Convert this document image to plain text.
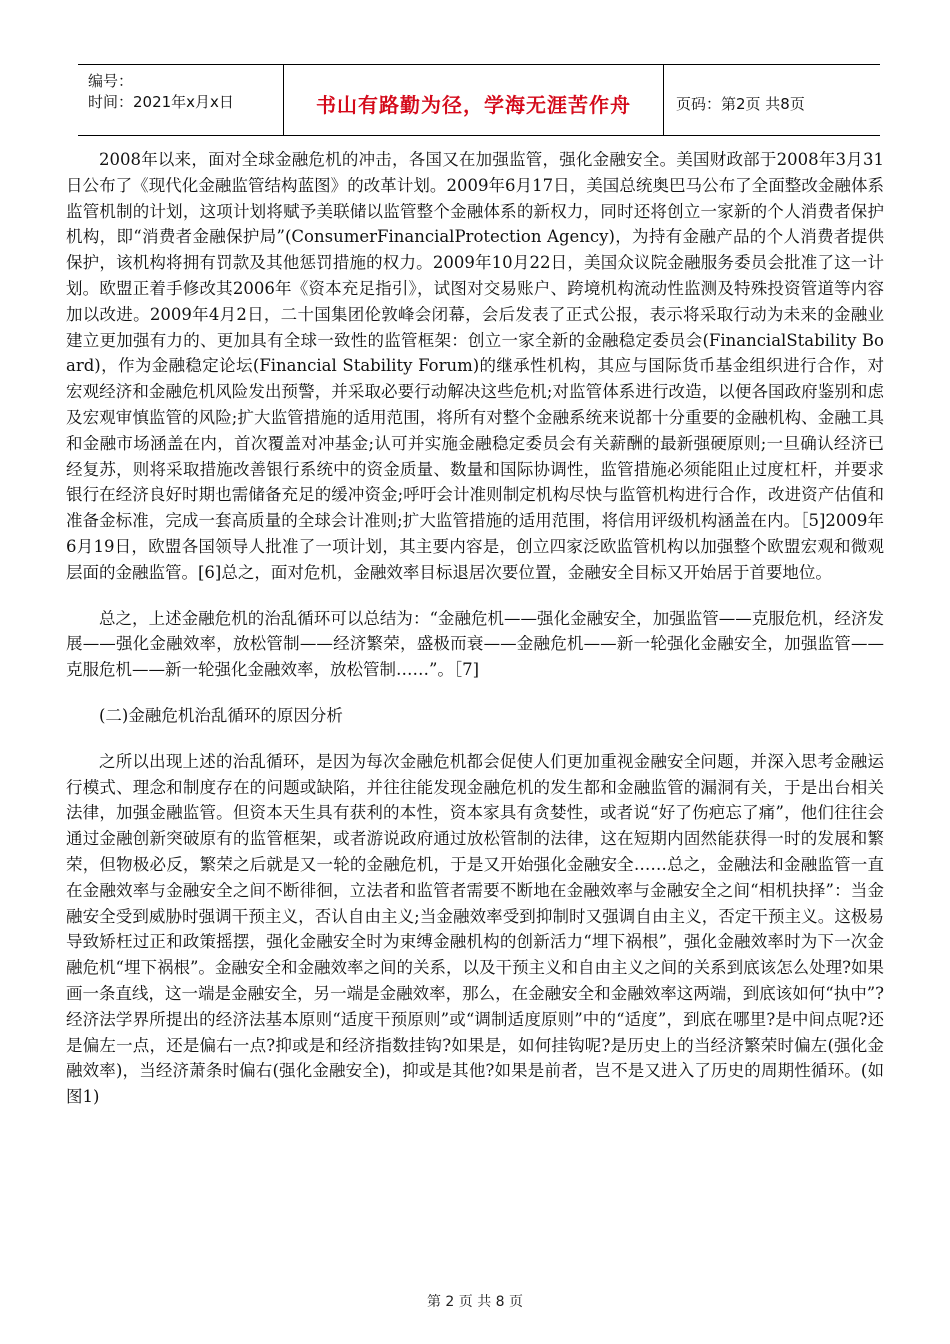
编号：
时间：2021年x月x日	书山有路勤为径，学海无涯苦作舟	页码：第2页 共8页

2008年以来，面对全球金融危机的冲击，各国又在加强监管，强化金融安全。美国财政部于2008年3月31日公布了《现代化金融监管结构蓝图》的改革计划。2009年6月17日，美国总统奥巴马公布了全面整改金融体系监管机制的计划，这项计划将赋予美联储以监管整个金融体系的新权力，同时还将创立一家新的个人消费者保护机构，即“消费者金融保护局”(ConsumerFinancialProtection Agency)，为持有金融产品的个人消费者提供保护，该机构将拥有罚款及其他惩罚措施的权力。2009年10月22日，美国众议院金融服务委员会批准了这一计划。欧盟正着手修改其2006年《资本充足指引》，试图对交易账户、跨境机构流动性监测及特殊投资管道等内容加以改进。2009年4月2日，二十国集团伦敦峰会闭幕，会后发表了正式公报，表示将采取行动为未来的金融业建立更加强有力的、更加具有全球一致性的监管框架：创立一家全新的金融稳定委员会(FinancialStability Board)，作为金融稳定论坛(Financial Stability Forum)的继承性机构，其应与国际货币基金组织进行合作，对宏观经济和金融危机风险发出预警，并采取必要行动解决这些危机;对监管体系进行改造，以便各国政府鉴别和虑及宏观审慎监管的风险;扩大监管措施的适用范围，将所有对整个金融系统来说都十分重要的金融机构、金融工具和金融市场涵盖在内，首次覆盖对冲基金;认可并实施金融稳定委员会有关薪酬的最新强硬原则;一旦确认经济已经复苏，则将采取措施改善银行系统中的资金质量、数量和国际协调性，监管措施必须能阻止过度杠杆，并要求银行在经济良好时期也需储备充足的缓冲资金;呼吁会计准则制定机构尽快与监管机构进行合作，改进资产估值和准备金标准，完成一套高质量的全球会计准则;扩大监管措施的适用范围，将信用评级机构涵盖在内。［5]2009年6月19日，欧盟各国领导人批准了一项计划，其主要内容是，创立四家泛欧监管机构以加强整个欧盟宏观和微观层面的金融监管。[6]总之，面对危机，金融效率目标退居次要位置，金融安全目标又开始居于首要地位。

总之，上述金融危机的治乱循环可以总结为：“金融危机——强化金融安全，加强监管——克服危机，经济发展——强化金融效率，放松管制——经济繁荣，盛极而衰——金融危机——新一轮强化金融安全，加强监管——克服危机——新一轮强化金融效率，放松管制……”。［7]

(二)金融危机治乱循环的原因分析

之所以出现上述的治乱循环，是因为每次金融危机都会促使人们更加重视金融安全问题，并深入思考金融运行模式、理念和制度存在的问题或缺陷，并往往能发现金融危机的发生都和金融监管的漏洞有关，于是出台相关法律，加强金融监管。但资本天生具有获利的本性，资本家具有贪婪性，或者说“好了伤疤忘了痛”，他们往往会通过金融创新突破原有的监管框架，或者游说政府通过放松管制的法律，这在短期内固然能获得一时的发展和繁荣，但物极必反，繁荣之后就是又一轮的金融危机，于是又开始强化金融安全……总之，金融法和金融监管一直在金融效率与金融安全之间不断徘徊，立法者和监管者需要不断地在金融效率与金融安全之间“相机抉择”：当金融安全受到威胁时强调干预主义，否认自由主义;当金融效率受到抑制时又强调自由主义，否定干预主义。这极易导致矫枉过正和政策摇摆，强化金融安全时为束缚金融机构的创新活力“埋下祸根”，强化金融效率时为下一次金融危机“埋下祸根”。金融安全和金融效率之间的关系，以及干预主义和自由主义之间的关系到底该怎么处理?如果画一条直线，这一端是金融安全，另一端是金融效率，那么，在金融安全和金融效率这两端，到底该如何“执中”?经济法学界所提出的经济法基本原则“适度干预原则”或“调制适度原则”中的“适度”，到底在哪里?是中间点呢?还是偏左一点，还是偏右一点?抑或是和经济指数挂钩?如果是，如何挂钩呢?是历史上的当经济繁荣时偏左(强化金融效率)，当经济萧条时偏右(强化金融安全)，抑或是其他?如果是前者，岂不是又进入了历史的周期性循环。(如图1)

第 2 页 共 8 页
